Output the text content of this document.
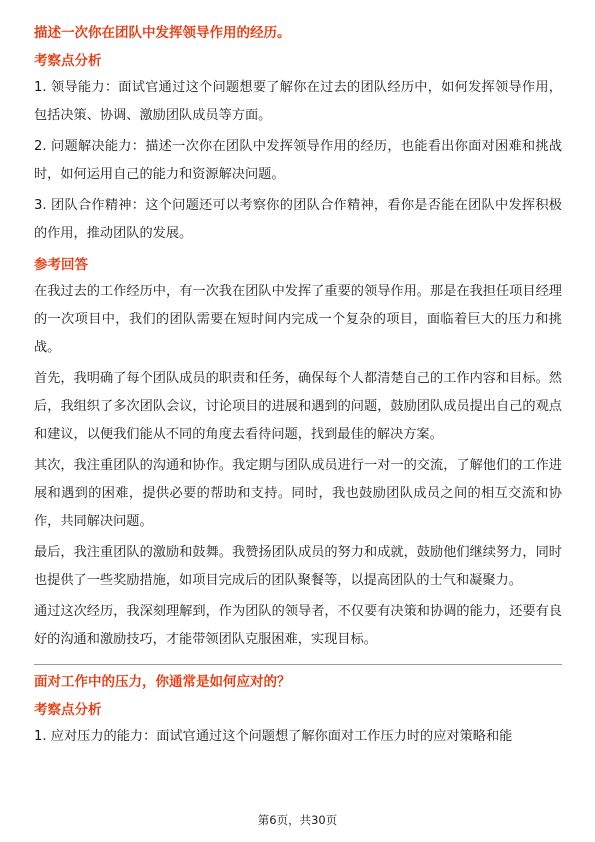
描述一次你在团队中发挥领导作用的经历。

考察点分析

1. 领导能力：面试官通过这个问题想要了解你在过去的团队经历中，如何发挥领导作用，包括决策、协调、激励团队成员等方面。

2. 问题解决能力：描述一次你在团队中发挥领导作用的经历，也能看出你面对困难和挑战时，如何运用自己的能力和资源解决问题。

3. 团队合作精神：这个问题还可以考察你的团队合作精神，看你是否能在团队中发挥积极的作用，推动团队的发展。

参考回答

在我过去的工作经历中，有一次我在团队中发挥了重要的领导作用。那是在我担任项目经理的一次项目中，我们的团队需要在短时间内完成一个复杂的项目，面临着巨大的压力和挑战。

首先，我明确了每个团队成员的职责和任务，确保每个人都清楚自己的工作内容和目标。然后，我组织了多次团队会议，讨论项目的进展和遇到的问题，鼓励团队成员提出自己的观点和建议，以便我们能从不同的角度去看待问题，找到最佳的解决方案。

其次，我注重团队的沟通和协作。我定期与团队成员进行一对一的交流，了解他们的工作进展和遇到的困难，提供必要的帮助和支持。同时，我也鼓励团队成员之间的相互交流和协作，共同解决问题。

最后，我注重团队的激励和鼓舞。我赞扬团队成员的努力和成就，鼓励他们继续努力，同时也提供了一些奖励措施，如项目完成后的团队聚餐等，以提高团队的士气和凝聚力。

通过这次经历，我深刻理解到，作为团队的领导者，不仅要有决策和协调的能力，还要有良好的沟通和激励技巧，才能带领团队克服困难，实现目标。

面对工作中的压力，你通常是如何应对的？

考察点分析

1. 应对压力的能力：面试官通过这个问题想了解你面对工作压力时的应对策略和能

第6页，共30页
